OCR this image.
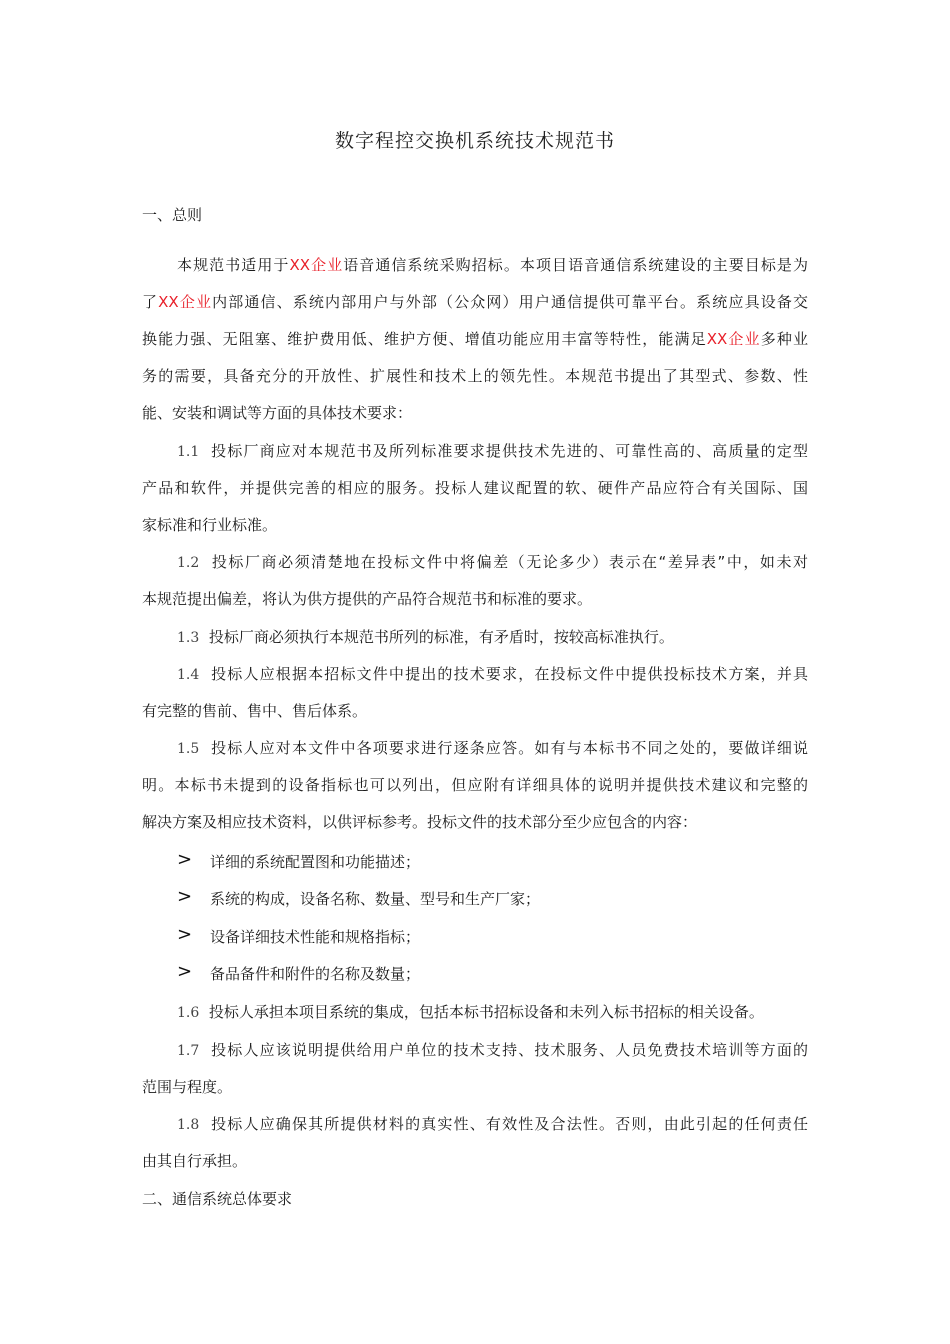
数字程控交换机系统技术规范书
一、总则
本规范书适用于XX企业语音通信系统采购招标。本项目语音通信系统建设的主要目标是为
了XX企业内部通信、系统内部用户与外部（公众网）用户通信提供可靠平台。系统应具设备交
换能力强、无阻塞、维护费用低、维护方便、增值功能应用丰富等特性，能满足XX企业多种业
务的需要，具备充分的开放性、扩展性和技术上的领先性。本规范书提出了其型式、参数、性
能、安装和调试等方面的具体技术要求：
1.1 投标厂商应对本规范书及所列标准要求提供技术先进的、可靠性高的、高质量的定型
产品和软件，并提供完善的相应的服务。投标人建议配置的软、硬件产品应符合有关国际、国
家标准和行业标准。
1.2 投标厂商必须清楚地在投标文件中将偏差（无论多少）表示在“差异表”中，如未对
本规范提出偏差，将认为供方提供的产品符合规范书和标准的要求。
1.3 投标厂商必须执行本规范书所列的标准，有矛盾时，按较高标准执行。
1.4 投标人应根据本招标文件中提出的技术要求，在投标文件中提供投标技术方案，并具
有完整的售前、售中、售后体系。
1.5 投标人应对本文件中各项要求进行逐条应答。如有与本标书不同之处的，要做详细说
明。本标书未提到的设备指标也可以列出，但应附有详细具体的说明并提供技术建议和完整的
解决方案及相应技术资料，以供评标参考。投标文件的技术部分至少应包含的内容：
> 详细的系统配置图和功能描述；
> 系统的构成，设备名称、数量、型号和生产厂家；
> 设备详细技术性能和规格指标；
> 备品备件和附件的名称及数量；
1.6 投标人承担本项目系统的集成，包括本标书招标设备和未列入标书招标的相关设备。
1.7 投标人应该说明提供给用户单位的技术支持、技术服务、人员免费技术培训等方面的
范围与程度。
1.8 投标人应确保其所提供材料的真实性、有效性及合法性。否则，由此引起的任何责任
由其自行承担。
二、通信系统总体要求
